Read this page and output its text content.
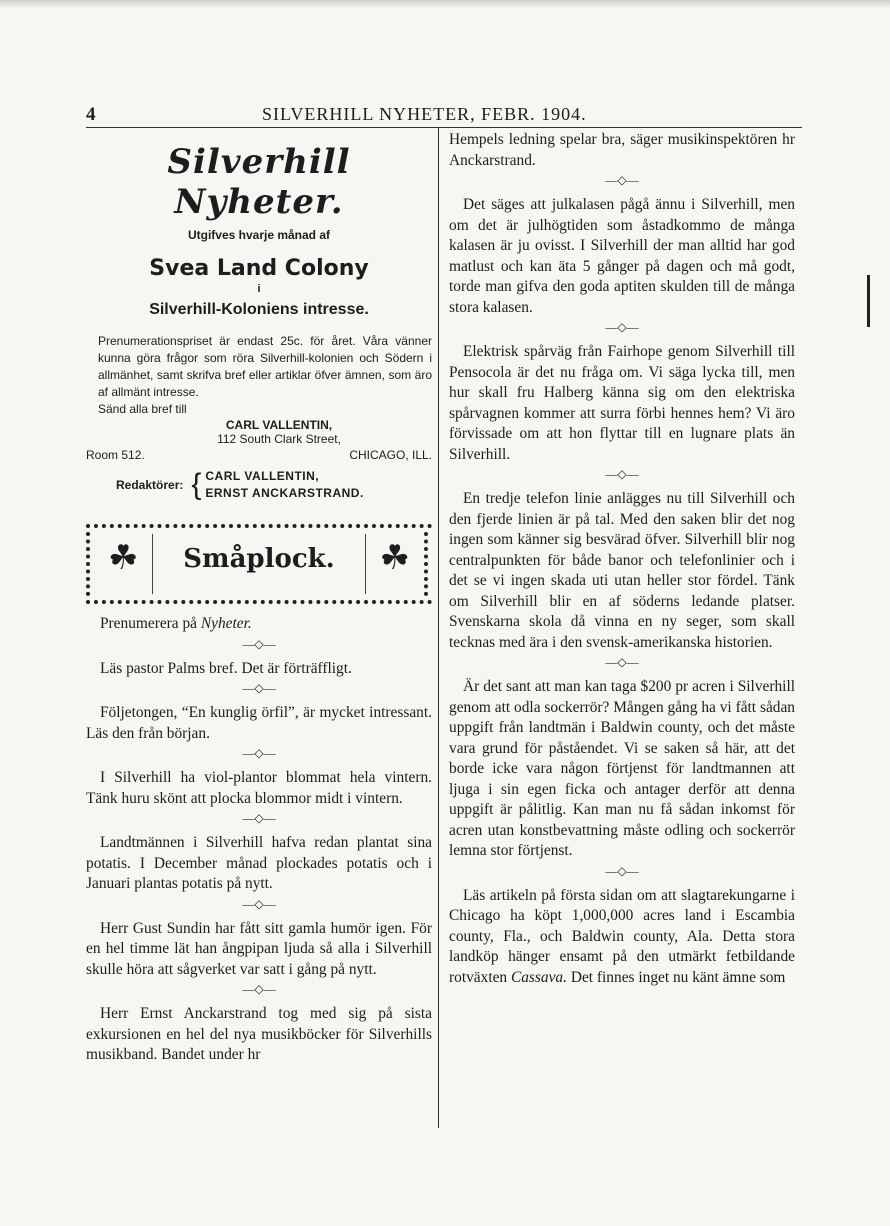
4	SILVERHILL NYHETER, FEBR. 1904.
Silverhill Nyheter.
Utgifves hvarje månad af
Svea Land Colony
i
Silverhill-Koloniens intresse.
Prenumerationspriset är endast 25c. för året. Våra vänner kunna göra frågor som röra Silverhill-kolonien och Södern i allmänhet, samt skrifva bref eller artiklar öfver ämnen, som äro af allmänt intresse.
Sänd alla bref till
CARL VALLENTIN,
112 South Clark Street,
Room 512.	CHICAGO, ILL.
Redaktörer: { CARL VALLENTIN,
ERNST ANCKARSTRAND.
☘	Småplock.	☘

Prenumerera på Nyheter.

—◇—

Läs pastor Palms bref. Det är förträffligt.

—◇—

Följetongen, “En kunglig örfil”, är mycket intressant. Läs den från början.

—◇—

I Silverhill ha viol-plantor blommat hela vintern. Tänk huru skönt att plocka blommor midt i vintern.

—◇—

Landtmännen i Silverhill hafva redan plantat sina potatis. I December månad plockades potatis och i Januari plantas potatis på nytt.

—◇—

Herr Gust Sundin har fått sitt gamla humör igen. För en hel timme lät han ångpipan ljuda så alla i Silverhill skulle höra att sågverket var satt i gång på nytt.

—◇—

Herr Ernst Anckarstrand tog med sig på sista exkursionen en hel del nya musikböcker för Silverhills musikband. Bandet under hr

Hempels ledning spelar bra, säger musikinspektören hr Anckarstrand.

—◇—

Det säges att julkalasen pågå ännu i Silverhill, men om det är julhögtiden som åstadkommo de många kalasen är ju ovisst. I Silverhill der man alltid har god matlust och kan äta 5 gånger på dagen och må godt, torde man gifva den goda aptiten skulden till de många stora kalasen.

—◇—

Elektrisk spårväg från Fairhope genom Silverhill till Pensocola är det nu fråga om. Vi säga lycka till, men hur skall fru Halberg känna sig om den elektriska spårvagnen kommer att surra förbi hennes hem? Vi äro förvissade om att hon flyttar till en lugnare plats än Silverhill.

—◇—

En tredje telefon linie anlägges nu till Silverhill och den fjerde linien är på tal. Med den saken blir det nog ingen som känner sig besvärad öfver. Silverhill blir nog centralpunkten för både banor och telefonlinier och i det se vi ingen skada uti utan heller stor fördel. Tänk om Silverhill blir en af söderns ledande platser. Svenskarna skola då vinna en ny seger, som skall tecknas med ära i den svensk-amerikanska historien.

—◇—

Är det sant att man kan taga $200 pr acren i Silverhill genom att odla sockerrör? Mången gång ha vi fått sådan uppgift från landtmän i Baldwin county, och det måste vara grund för påståendet. Vi se saken så här, att det borde icke vara någon förtjenst för landtmannen att ljuga i sin egen ficka och antager derför att denna uppgift är pålitlig. Kan man nu få sådan inkomst för acren utan konstbevattning måste odling och sockerrör lemna stor förtjenst.

—◇—

Läs artikeln på första sidan om att slagtarekungarne i Chicago ha köpt 1,000,000 acres land i Escambia county, Fla., och Baldwin county, Ala. Detta stora landköp hänger ensamt på den utmärkt fetbildande rotväxten Cassava. Det finnes inget nu känt ämne som
